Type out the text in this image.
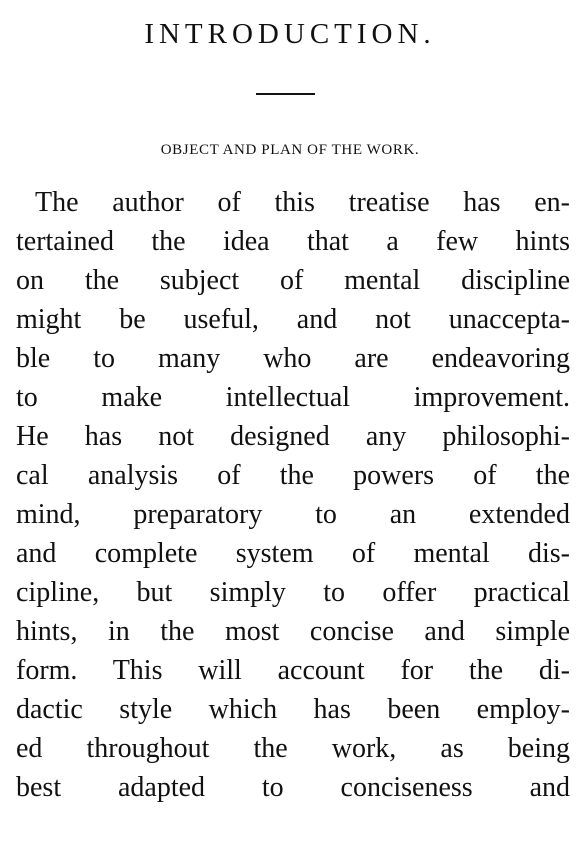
INTRODUCTION.
OBJECT AND PLAN OF THE WORK.
The author of this treatise has en-
tertained the idea that a few hints
on the subject of mental discipline
might be useful, and not unaccepta-
ble to many who are endeavoring
to make intellectual improvement.
He has not designed any philosophi-
cal analysis of the powers of the
mind, preparatory to an extended
and complete system of mental dis-
cipline, but simply to offer practical
hints, in the most concise and simple
form. This will account for the di-
dactic style which has been employ-
ed throughout the work, as being
best adapted to conciseness and
